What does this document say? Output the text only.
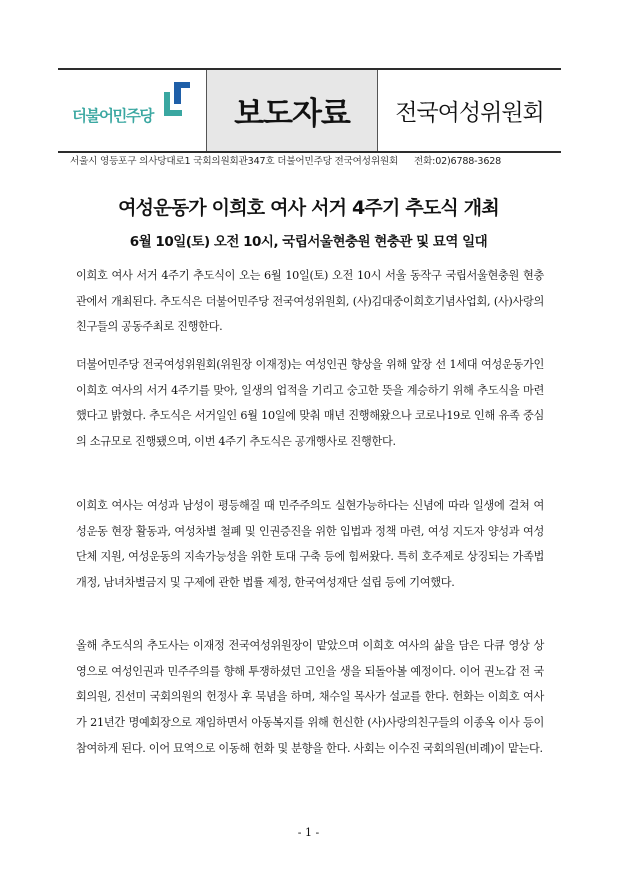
더불어민주당	보도자료 전국여성위원회
서울시 영등포구 의사당대로1 국회의원회관347호 더불어민주당 전국여성위원회 전화:02)6788-3628
여성운동가 이희호 여사 서거 4주기 추도식 개최
6월 10일(토) 오전 10시, 국립서울현충원 현충관 및 묘역 일대

이희호 여사 서거 4주기 추도식이 오는 6월 10일(토) 오전 10시 서울 동작구 국립서울현충원 현충관에서 개최된다. 추도식은 더불어민주당 전국여성위원회, (사)김대중이희호기념사업회, (사)사랑의친구들의 공동주최로 진행한다.

더불어민주당 전국여성위원회(위원장 이재정)는 여성인권 향상을 위해 앞장 선 1세대 여성운동가인 이희호 여사의 서거 4주기를 맞아, 일생의 업적을 기리고 숭고한 뜻을 계승하기 위해 추도식을 마련했다고 밝혔다. 추도식은 서거일인 6월 10일에 맞춰 매년 진행해왔으나 코로나19로 인해 유족 중심의 소규모로 진행됐으며, 이번 4주기 추도식은 공개행사로 진행한다.

이희호 여사는 여성과 남성이 평등해질 때 민주주의도 실현가능하다는 신념에 따라 일생에 걸쳐 여성운동 현장 활동과, 여성차별 철폐 및 인권증진을 위한 입법과 정책 마련, 여성 지도자 양성과 여성단체 지원, 여성운동의 지속가능성을 위한 토대 구축 등에 힘써왔다. 특히 호주제로 상징되는 가족법 개정, 남녀차별금지 및 구제에 관한 법률 제정, 한국여성재단 설립 등에 기여했다.

올해 추도식의 추도사는 이재정 전국여성위원장이 맡았으며 이희호 여사의 삶을 담은 다큐 영상 상영으로 여성인권과 민주주의를 향해 투쟁하셨던 고인을 생을 되돌아볼 예정이다. 이어 권노갑 전 국회의원, 진선미 국회의원의 헌정사 후 묵념을 하며, 채수일 목사가 설교를 한다. 헌화는 이희호 여사가 21년간 명예회장으로 재임하면서 아동복지를 위해 헌신한 (사)사랑의친구들의 이종옥 이사 등이 참여하게 된다. 이어 묘역으로 이동해 헌화 및 분향을 한다. 사회는 이수진 국회의원(비례)이 맡는다.

- 1 -
